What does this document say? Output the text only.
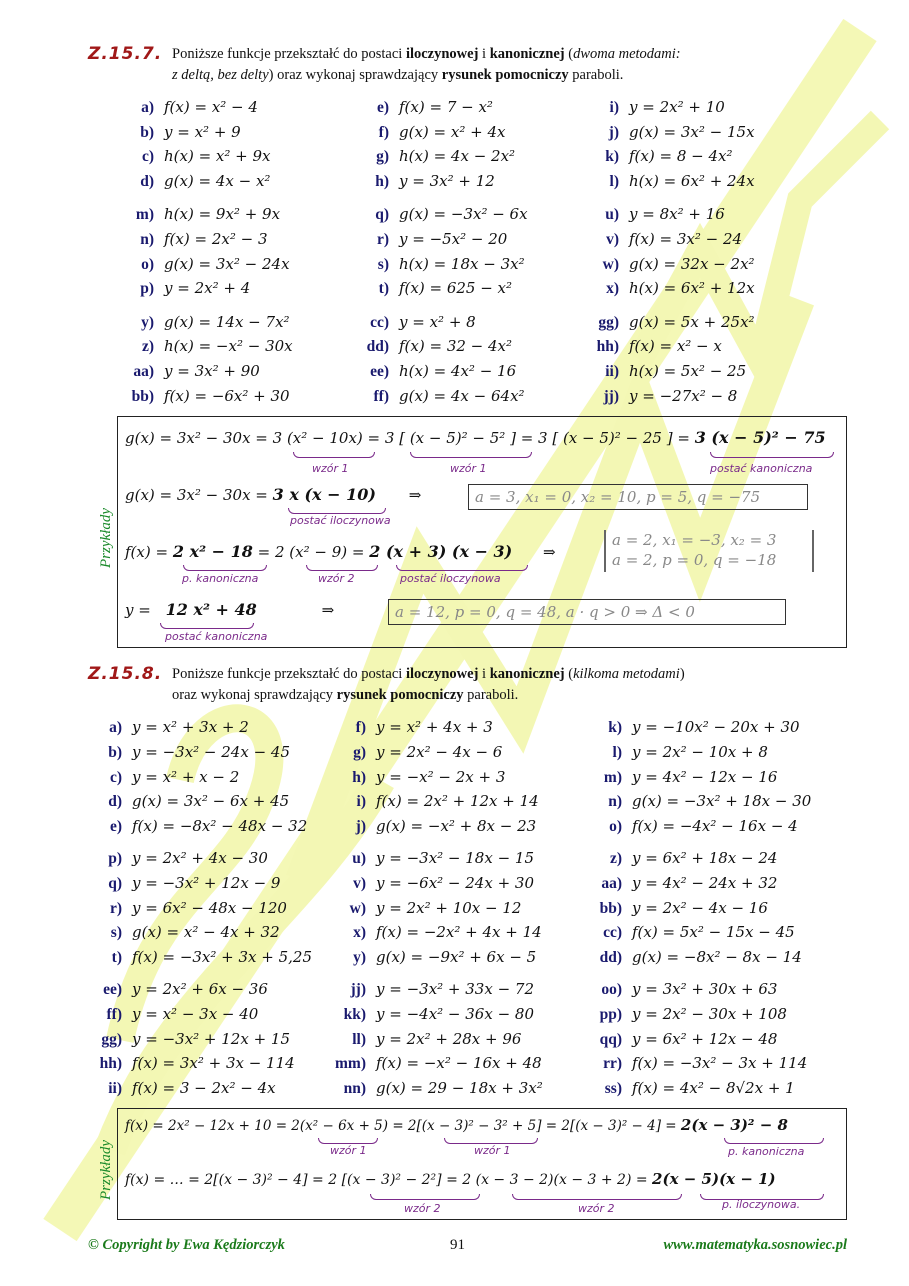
Z.15.7. Poniższe funkcje przekształć do postaci iloczynowej i kanonicznej (dwoma metodami:
z deltą, bez delty) oraz wykonaj sprawdzający rysunek pomocniczy paraboli.
a) f(x) = x² − 4	e) f(x) = 7 − x²	i) y = 2x² + 10
b) y = x² + 9	f) g(x) = x² + 4x	j) g(x) = 3x² − 15x
c) h(x) = x² + 9x	g) h(x) = 4x − 2x²	k) f(x) = 8 − 4x²
d) g(x) = 4x − x²	h) y = 3x² + 12	l) h(x) = 6x² + 24x
m) h(x) = 9x² + 9x	q) g(x) = −3x² − 6x	u) y = 8x² + 16
n) f(x) = 2x² − 3	r) y = −5x² − 20	v) f(x) = 3x² − 24
o) g(x) = 3x² − 24x	s) h(x) = 18x − 3x²	w) g(x) = 32x − 2x²
p) y = 2x² + 4	t) f(x) = 625 − x²	x) h(x) = 6x² + 12x
y) g(x) = 14x − 7x²	cc) y = x² + 8	gg) g(x) = 5x + 25x²
z) h(x) = −x² − 30x	dd) f(x) = 32 − 4x²	hh) f(x) = x² − x
aa) y = 3x² + 90	ee) h(x) = 4x² − 16	ii) h(x) = 5x² − 25
bb) f(x) = −6x² + 30	ff) g(x) = 4x − 64x²	jj) y = −27x² − 8
Przykłady
g(x) = 3x² − 30x = 3 (x² − 10x) = 3 [ (x − 5)² − 5² ] = 3 [ (x − 5)² − 25 ] = 3 (x − 5)² − 75
wzór 1	wzór 1	postać kanoniczna
g(x) = 3x² − 30x = 3 x (x − 10) ⇒
postać iloczynowa
a = 3, x₁ = 0, x₂ = 10, p = 5, q = −75
f(x) = 2 x² − 18 = 2 (x² − 9) = 2 (x + 3) (x − 3) ⇒
p. kanoniczna	wzór 2	postać iloczynowa
a = 2, x₁ = −3, x₂ = 3
a = 2, p = 0, q = −18
y = 12 x² + 48	⇒
postać kanoniczna
a = 12, p = 0, q = 48, a · q > 0 ⇒ Δ < 0
Z.15.8. Poniższe funkcje przekształć do postaci iloczynowej i kanonicznej (kilkoma metodami)
oraz wykonaj sprawdzający rysunek pomocniczy paraboli.
a) y = x² + 3x + 2	f) y = x² + 4x + 3	k) y = −10x² − 20x + 30
b) y = −3x² − 24x − 45	g) y = 2x² − 4x − 6	l) y = 2x² − 10x + 8
c) y = x² + x − 2	h) y = −x² − 2x + 3	m) y = 4x² − 12x − 16
d) g(x) = 3x² − 6x + 45	i) f(x) = 2x² + 12x + 14	n) g(x) = −3x² + 18x − 30
e) f(x) = −8x² − 48x − 32	j) g(x) = −x² + 8x − 23	o) f(x) = −4x² − 16x − 4
p) y = 2x² + 4x − 30	u) y = −3x² − 18x − 15	z) y = 6x² + 18x − 24
q) y = −3x² + 12x − 9	v) y = −6x² − 24x + 30	aa) y = 4x² − 24x + 32
r) y = 6x² − 48x − 120	w) y = 2x² + 10x − 12	bb) y = 2x² − 4x − 16
s) g(x) = x² − 4x + 32	x) f(x) = −2x² + 4x + 14	cc) f(x) = 5x² − 15x − 45
t) f(x) = −3x² + 3x + 5,25	y) g(x) = −9x² + 6x − 5	dd) g(x) = −8x² − 8x − 14
ee) y = 2x² + 6x − 36	jj) y = −3x² + 33x − 72	oo) y = 3x² + 30x + 63
ff) y = x² − 3x − 40	kk) y = −4x² − 36x − 80	pp) y = 2x² − 30x + 108
gg) y = −3x² + 12x + 15	ll) y = 2x² + 28x + 96	qq) y = 6x² + 12x − 48
hh) f(x) = 3x² + 3x − 114	mm) f(x) = −x² − 16x + 48	rr) f(x) = −3x² − 3x + 114
ii) f(x) = 3 − 2x² − 4x	nn) g(x) = 29 − 18x + 3x²	ss) f(x) = 4x² − 8√2x + 1
Przykłady
f(x) = 2x² − 12x + 10 = 2(x² − 6x + 5) = 2[(x − 3)² − 3² + 5] = 2[(x − 3)² − 4] = 2(x − 3)² − 8
wzór 1	wzór 1	p. kanoniczna
f(x) = … = 2[(x − 3)² − 4] = 2 [(x − 3)² − 2²] = 2 (x − 3 − 2)(x − 3 + 2) = 2(x − 5)(x − 1)
wzór 2	wzór 2	p. iloczynowa.
© Copyright by Ewa Kędziorczyk	91	www.matematyka.sosnowiec.pl
